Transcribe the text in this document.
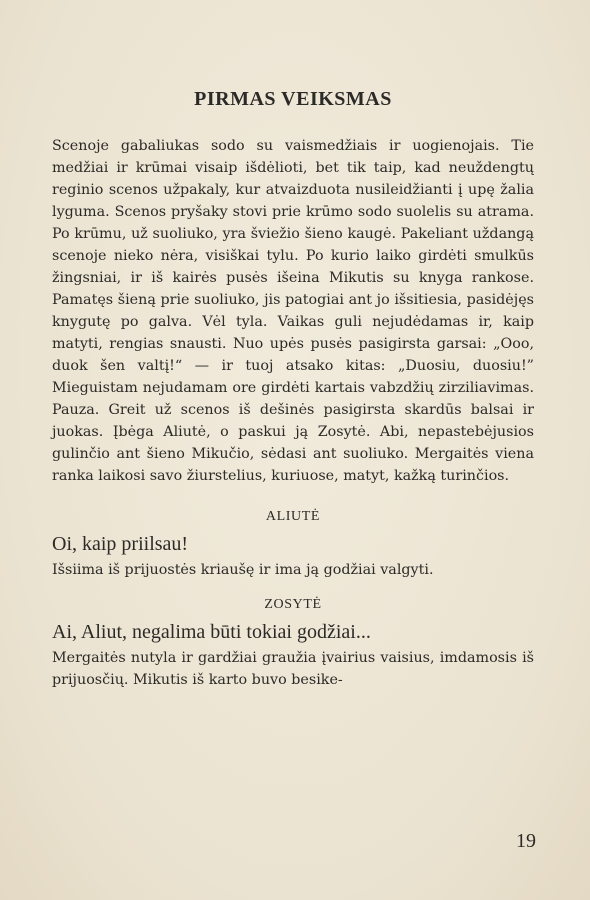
PIRMAS VEIKSMAS

Scenoje gabaliukas sodo su vaismedžiais ir uogienojais. Tie medžiai ir krūmai visaip išdėlioti, bet tik taip, kad neuždengtų reginio scenos užpakaly, kur atvaizduota nusileidžianti į upę žalia lyguma. Scenos pryšaky stovi prie krūmo sodo suolelis su atrama. Po krūmu, už suoliuko, yra šviežio šieno kaugė. Pakeliant uždangą scenoje nieko nėra, visiškai tylu. Po kurio laiko girdėti smulkūs žingsniai, ir iš kairės pusės išeina Mikutis su knyga rankose. Pamatęs šieną prie suoliuko, jis patogiai ant jo išsitiesia, pasidėjęs knygutę po galva. Vėl tyla. Vaikas guli nejudėdamas ir, kaip matyti, rengias snausti. Nuo upės pusės pasigirsta garsai: „Ooo, duok šen valtį!“ — ir tuoj atsako kitas: „Duosiu, duosiu!” Mieguistam nejudamam ore girdėti kartais vabzdžių zirziliavimas. Pauza. Greit už scenos iš dešinės pasigirsta skardūs balsai ir juokas. Įbėga Aliutė, o paskui ją Zosytė. Abi, nepastebėjusios gulinčio ant šieno Mikučio, sėdasi ant suoliuko. Mergaitės viena ranka laikosi savo žiurstelius, kuriuose, matyt, kažką turinčios.

ALIUTĖ

Oi, kaip priilsau!

Išsiima iš prijuostės kriaušę ir ima ją godžiai valgyti.

ZOSYTĖ

Ai, Aliut, negalima būti tokiai godžiai...

Mergaitės nutyla ir gardžiai graužia įvairius vaisius, imdamosis iš prijuosčių. Mikutis iš karto buvo besike-

19
